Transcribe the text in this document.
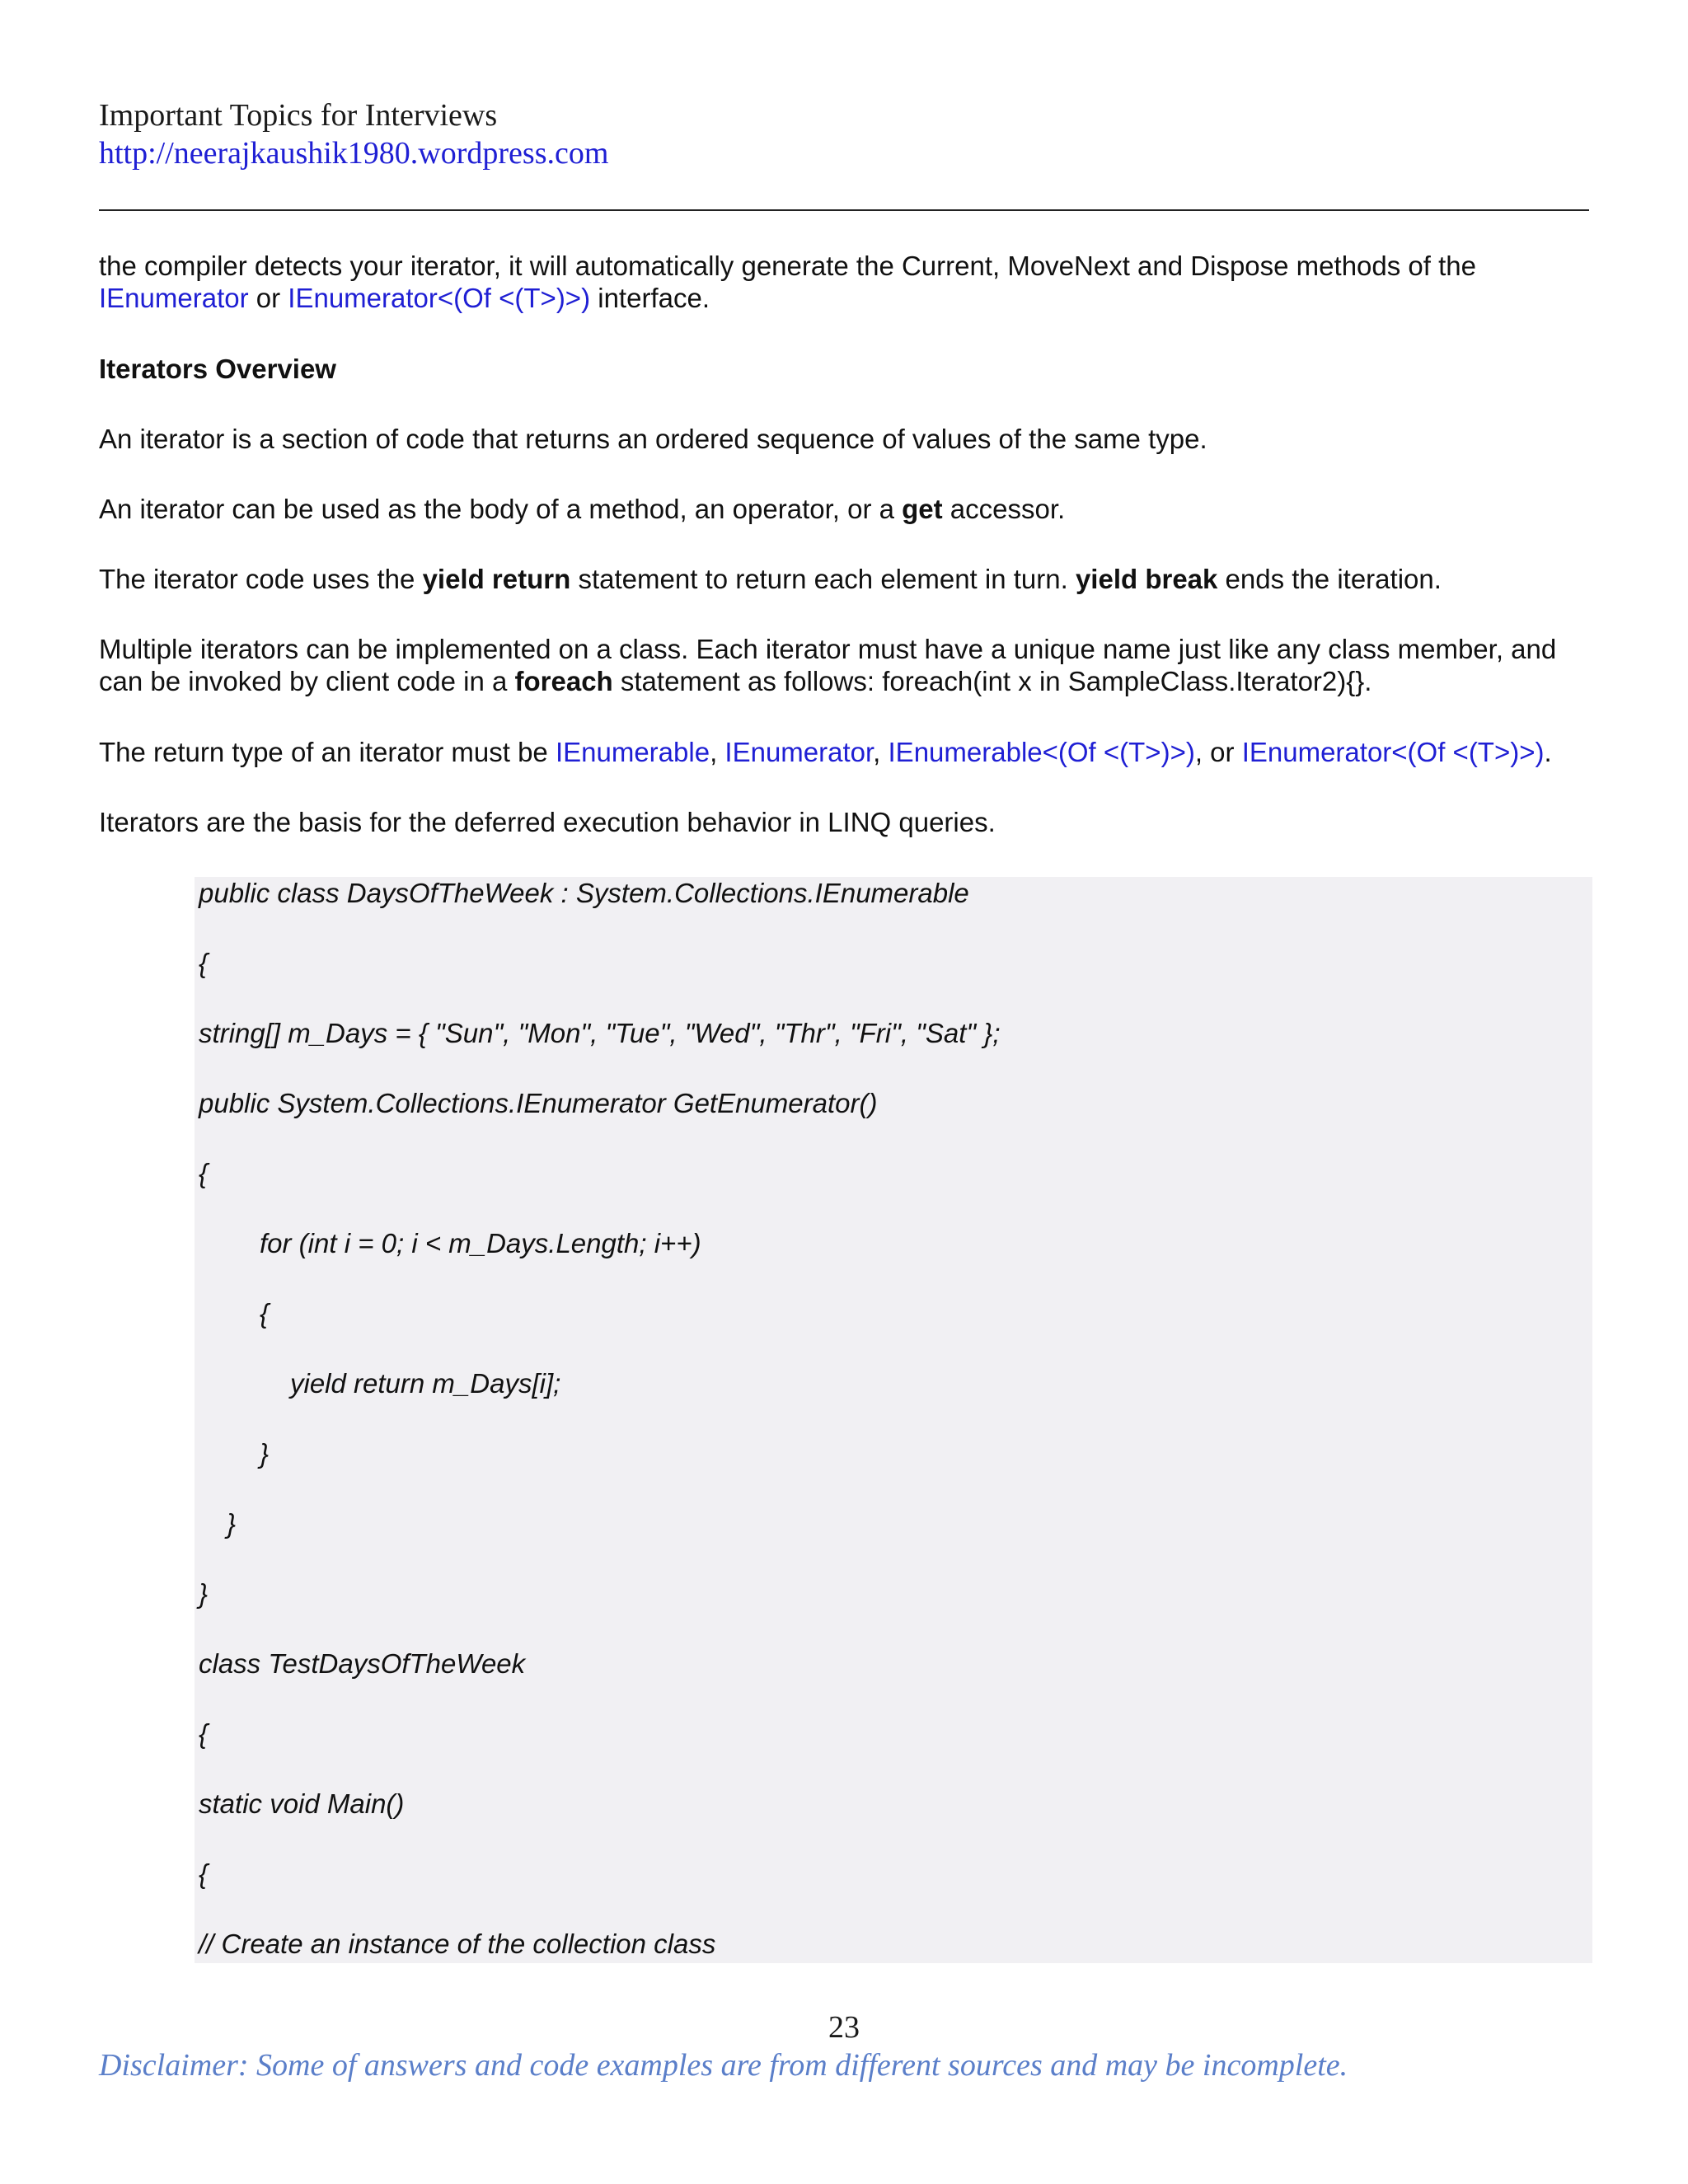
Important Topics for Interviews
http://neerajkaushik1980.wordpress.com
the compiler detects your iterator, it will automatically generate the Current, MoveNext and Dispose methods of the
IEnumerator or IEnumerator<(Of <(T>)>) interface.
Iterators Overview
An iterator is a section of code that returns an ordered sequence of values of the same type.
An iterator can be used as the body of a method, an operator, or a get accessor.
The iterator code uses the yield return statement to return each element in turn. yield break ends the iteration.
Multiple iterators can be implemented on a class. Each iterator must have a unique name just like any class member, and
can be invoked by client code in a foreach statement as follows: foreach(int x in SampleClass.Iterator2){}.
The return type of an iterator must be IEnumerable, IEnumerator, IEnumerable<(Of <(T>)>), or IEnumerator<(Of <(T>)>).
Iterators are the basis for the deferred execution behavior in LINQ queries.
public class DaysOfTheWeek : System.Collections.IEnumerable
{
string[] m_Days = { "Sun", "Mon", "Tue", "Wed", "Thr", "Fri", "Sat" };
public System.Collections.IEnumerator GetEnumerator()
{
for (int i = 0; i < m_Days.Length; i++)
{
yield return m_Days[i];
}
}
}
class TestDaysOfTheWeek
{
static void Main()
{
// Create an instance of the collection class
23
Disclaimer: Some of answers and code examples are from different sources and may be incomplete.
